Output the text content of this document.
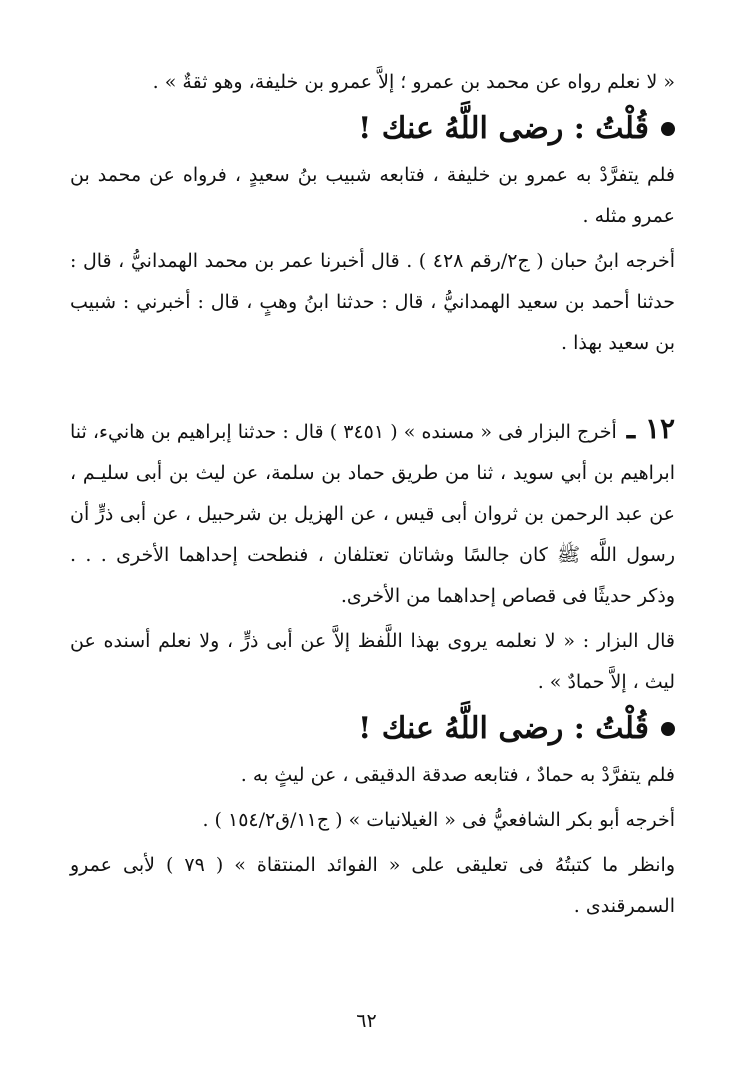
« لا نعلم رواه عن محمد بن عمرو ؛ إلاَّ عمرو بن خليفة، وهو ثقةٌ » .

قُلْتُ : رضى اللَّهُ عنك !

فلم يتفرَّدْ به عمرو بن خليفة ، فتابعه شبيب بنُ سعيدٍ ، فرواه عن محمد بن عمرو مثله .

أخرجه ابنُ حبان ( ج٢/رقم ٤٢٨ ) . قال أخبرنا عمر بن محمد الهمدانيُّ ، قال : حدثنا أحمد بن سعيد الهمدانيُّ ، قال : حدثنا ابنُ وهبٍ ، قال : أخبرني : شبيب بن سعيد بهذا .

١٢ ـ أخرج البزار فى « مسنده » ( ٣٤٥١ ) قال : حدثنا إبراهيم بن هانيء، ثنا ابراهيم بن أبي سويد ، ثنا من طريق حماد بن سلمة، عن ليث بن أبى سليـم ، عن عبد الرحمن بن ثروان أبى قيس ، عن الهزيل بن شرحبيل ، عن أبى ذرٍّ أن رسول اللَّه ﷺ كان جالسًا وشاتان تعتلفان ، فنطحت إحداهما الأخرى . . . وذكر حديثًا فى قصاص إحداهما من الأخرى.

قال البزار : « لا نعلمه يروى بهذا اللَّفظ إلاَّ عن أبى ذرٍّ ، ولا نعلم أسنده عن ليث ، إلاَّ حمادٌ » .

قُلْتُ : رضى اللَّهُ عنك !

فلم يتفرَّدْ به حمادٌ ، فتابعه صدقة الدقيقى ، عن ليثٍ به .

أخرجه أبو بكر الشافعيُّ فى « الغيلانيات » ( ج١١/ق١٥٤/٢ ) .

وانظر ما كتبتُهُ فى تعليقى على « الفوائد المنتقاة » ( ٧٩ ) لأبى عمرو السمرقندى .

٦٢
